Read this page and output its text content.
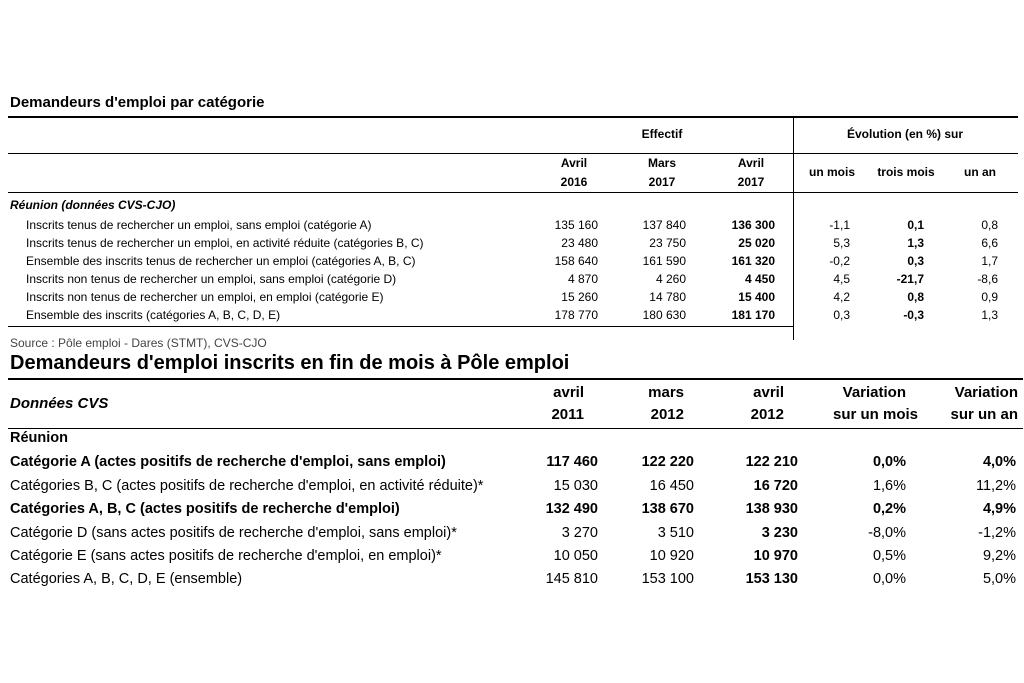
Demandeurs d'emploi par catégorie
Effectif	Évolution (en %) sur
Avril
2016
Mars
2017
Avril
2017
un mois	trois mois	un an
Réunion (données CVS-CJO)
Inscrits tenus de rechercher un emploi, sans emploi (catégorie A)	135 160	137 840	136 300	-1,1	0,1	0,8
Inscrits tenus de rechercher un emploi, en activité réduite (catégories B, C)	23 480	23 750	25 020	5,3	1,3	6,6
Ensemble des inscrits tenus de rechercher un emploi (catégories A, B, C)	158 640	161 590	161 320	-0,2	0,3	1,7
Inscrits non tenus de rechercher un emploi, sans emploi (catégorie D)	4 870	4 260	4 450	4,5	-21,7	-8,6
Inscrits non tenus de rechercher un emploi, en emploi (catégorie E)	15 260	14 780	15 400	4,2	0,8	0,9
Ensemble des inscrits (catégories A, B, C, D, E)	178 770	180 630	181 170	0,3	-0,3	1,3
Source : Pôle emploi - Dares (STMT), CVS-CJO
Demandeurs d'emploi inscrits en fin de mois à Pôle emploi
Données CVS
avril
2011
mars
2012
avril
2012
Variation
sur un mois
Variation
sur un an
Réunion
Catégorie A (actes positifs de recherche d'emploi, sans emploi)	117 460	122 220	122 210	0,0%	4,0%
Catégories B, C (actes positifs de recherche d'emploi, en activité réduite)*	15 030	16 450	16 720	1,6%	11,2%
Catégories A, B, C (actes positifs de recherche d'emploi)	132 490	138 670	138 930	0,2%	4,9%
Catégorie D (sans actes positifs de recherche d'emploi, sans emploi)*	3 270	3 510	3 230	-8,0%	-1,2%
Catégorie E (sans actes positifs de recherche d'emploi, en emploi)*	10 050	10 920	10 970	0,5%	9,2%
Catégories A, B, C, D, E (ensemble)	145 810	153 100	153 130	0,0%	5,0%
